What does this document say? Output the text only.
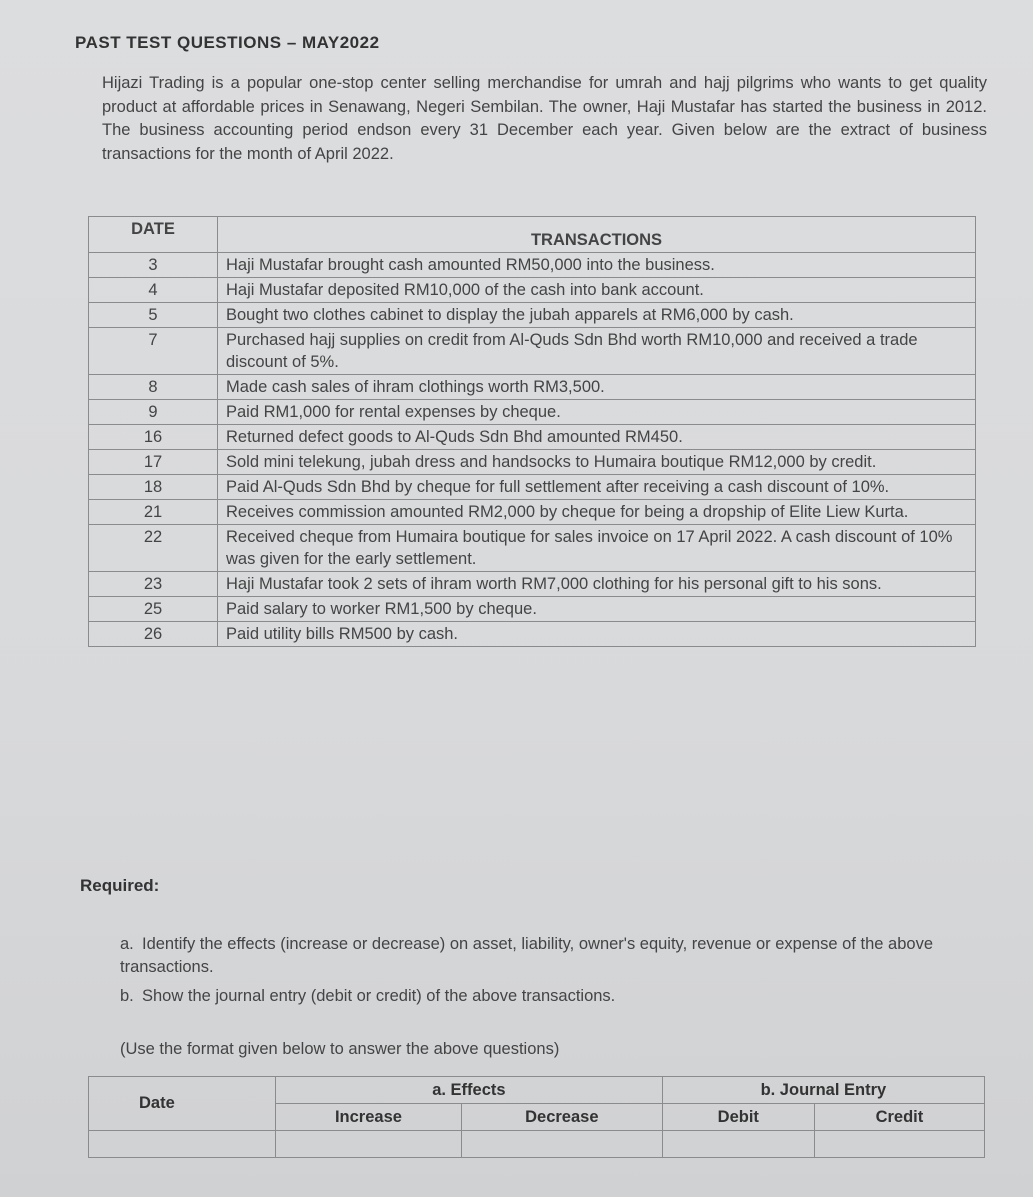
PAST TEST QUESTIONS – MAY2022
Hijazi Trading is a popular one-stop center selling merchandise for umrah and hajj pilgrims who wants to get quality product at affordable prices in Senawang, Negeri Sembilan. The owner, Haji Mustafar has started the business in 2012. The business accounting period endson every 31 December each year. Given below are the extract of business transactions for the month of April 2022.
DATE	TRANSACTIONS
3	Haji Mustafar brought cash amounted RM50,000 into the business.
4	Haji Mustafar deposited RM10,000 of the cash into bank account.
5	Bought two clothes cabinet to display the jubah apparels at RM6,000 by cash.
7	Purchased hajj supplies on credit from Al-Quds Sdn Bhd worth RM10,000 and received a trade discount of 5%.
8	Made cash sales of ihram clothings worth RM3,500.
9	Paid RM1,000 for rental expenses by cheque.
16	Returned defect goods to Al-Quds Sdn Bhd amounted RM450.
17	Sold mini telekung, jubah dress and handsocks to Humaira boutique RM12,000 by credit.
18	Paid Al-Quds Sdn Bhd by cheque for full settlement after receiving a cash discount of 10%.
21	Receives commission amounted RM2,000 by cheque for being a dropship of Elite Liew Kurta.
22	Received cheque from Humaira boutique for sales invoice on 17 April 2022. A cash discount of 10% was given for the early settlement.
23	Haji Mustafar took 2 sets of ihram worth RM7,000 clothing for his personal gift to his sons.
25	Paid salary to worker RM1,500 by cheque.
26	Paid utility bills RM500 by cash.
Required:
a. Identify the effects (increase or decrease) on asset, liability, owner's equity, revenue or expense of the above transactions.
b. Show the journal entry (debit or credit) of the above transactions.
(Use the format given below to answer the above questions)
Date	a. Effects		b. Journal Entry	
	Increase	Decrease	Debit	Credit
